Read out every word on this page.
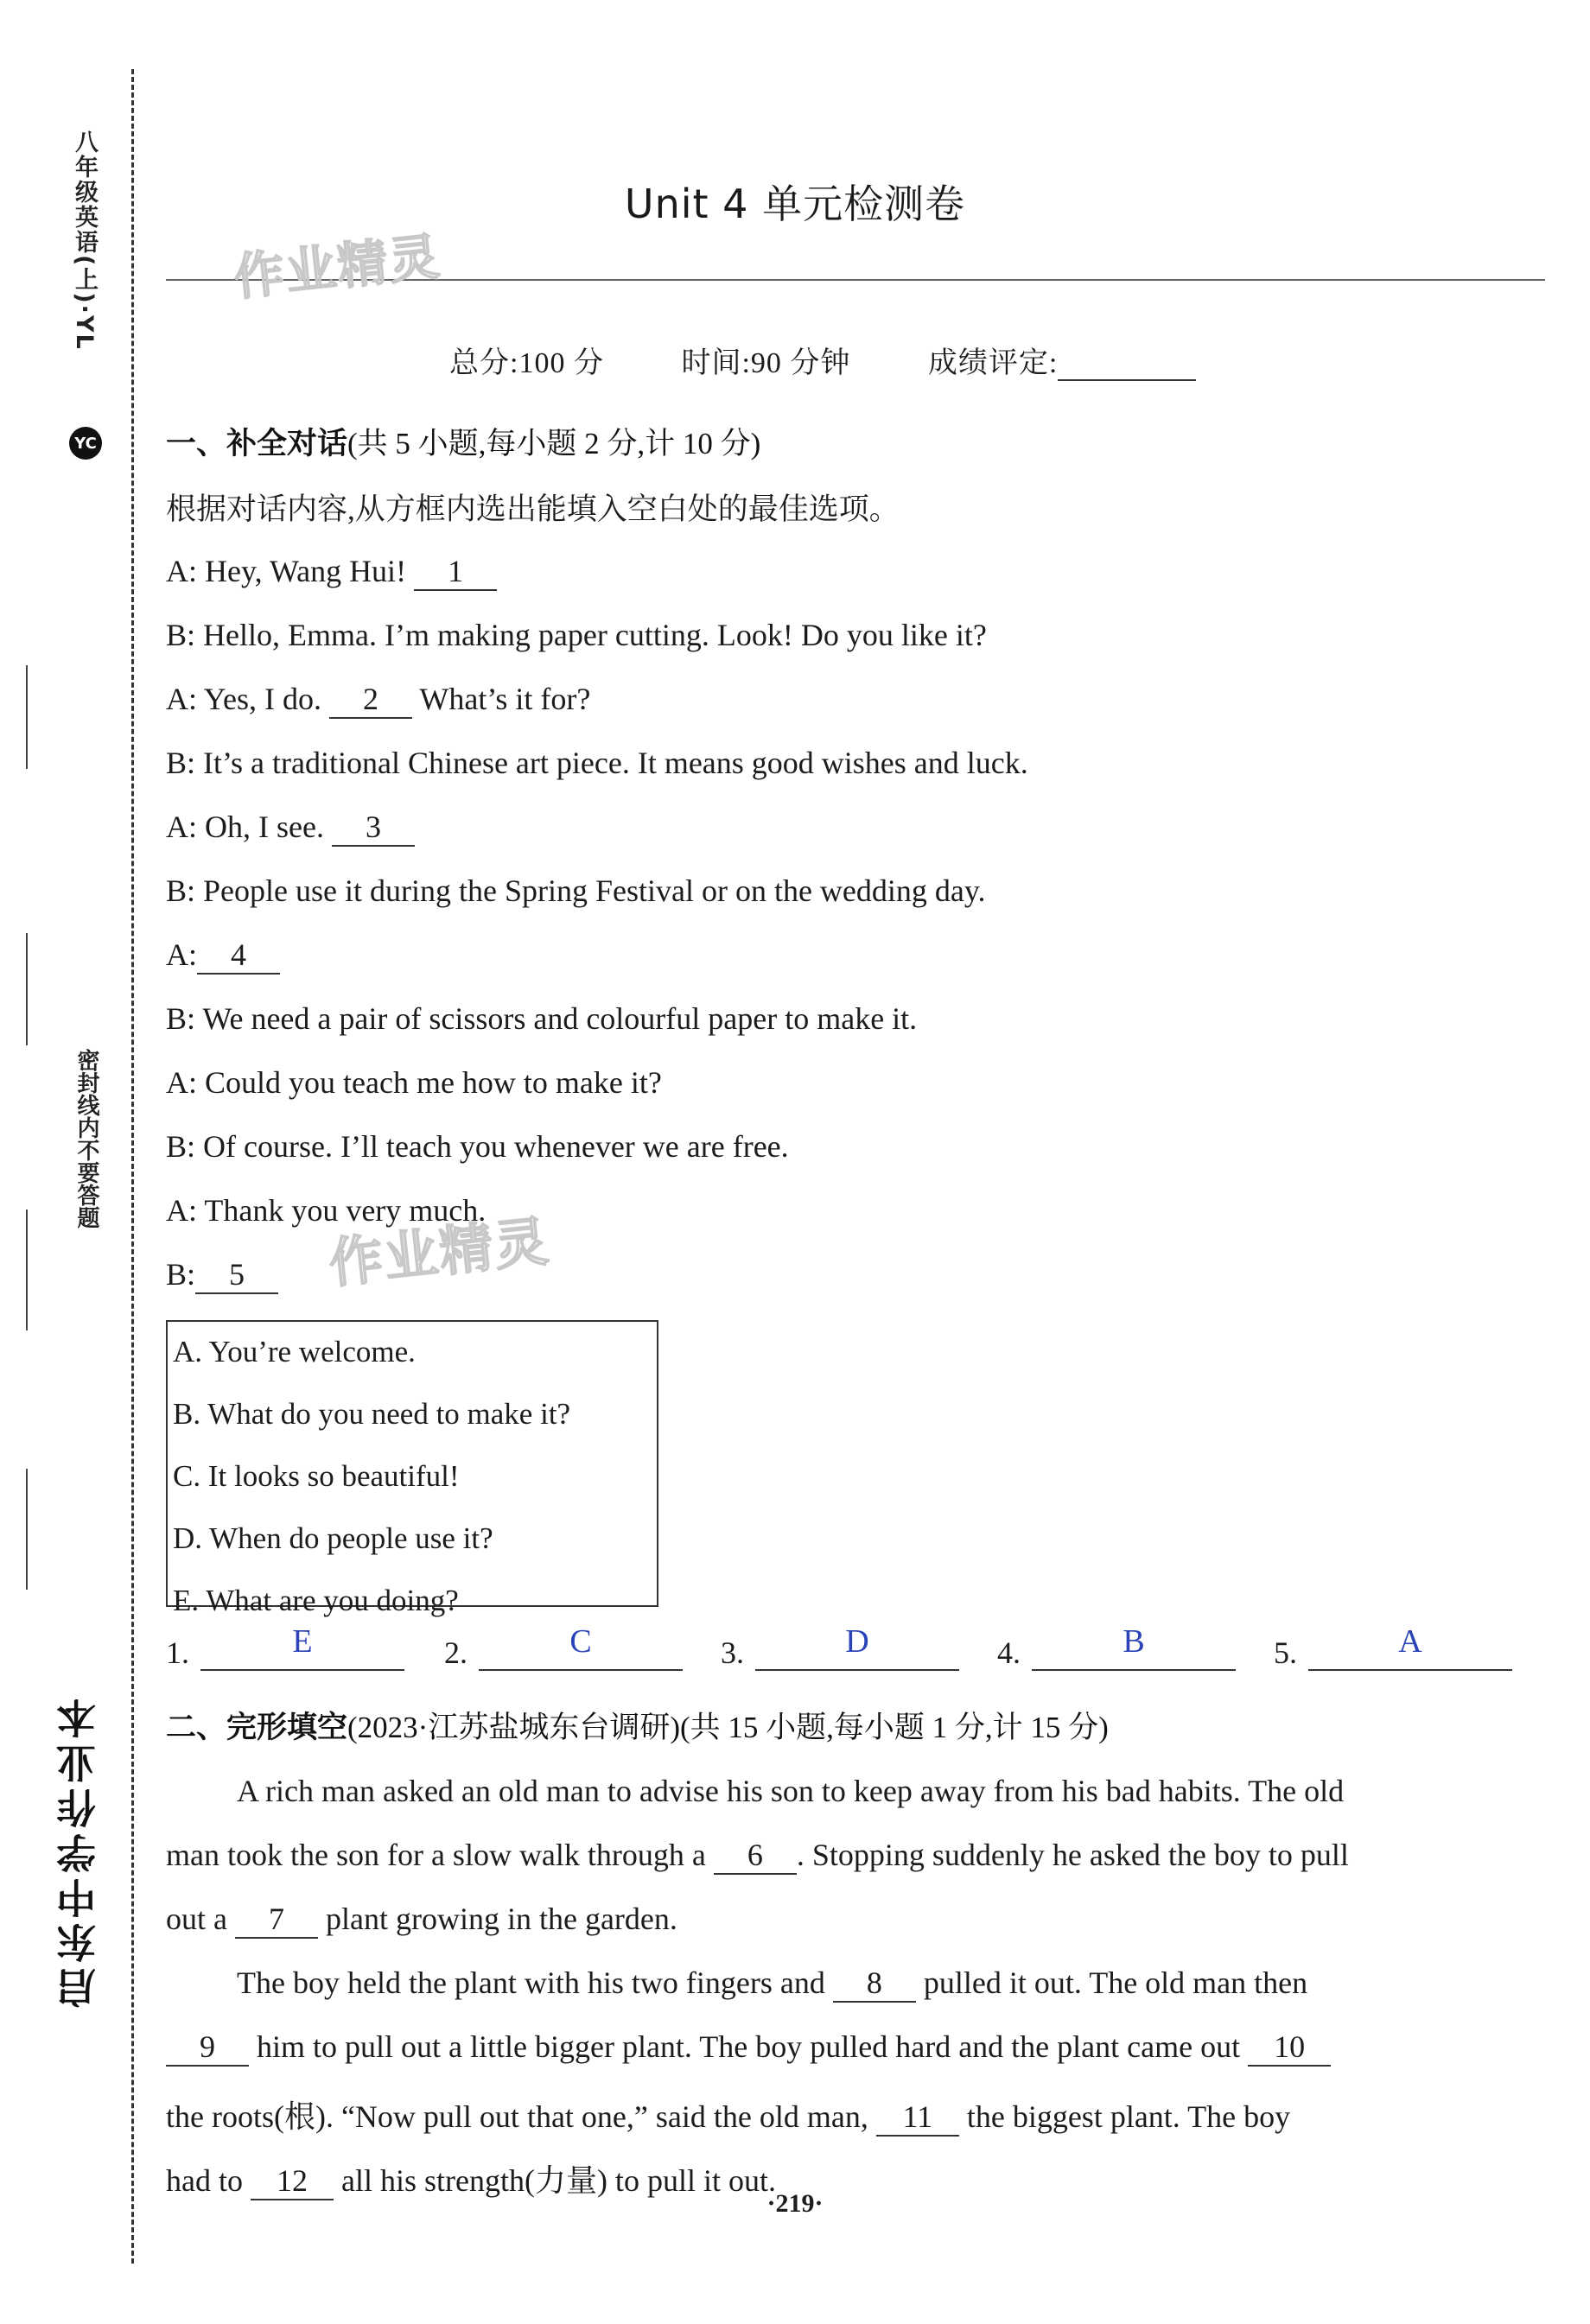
八年级英语(上)·YL
YC
密封线内不要答题
启东中学作业本
Unit 4 单元检测卷
作业精灵
总分:100 分	时间:90 分钟	成绩评定:
一、补全对话(共 5 小题,每小题 2 分,计 10 分)
根据对话内容,从方框内选出能填入空白处的最佳选项。
A: Hey, Wang Hui! 1
B: Hello, Emma. I’m making paper cutting. Look! Do you like it?
A: Yes, I do. 2 What’s it for?
B: It’s a traditional Chinese art piece. It means good wishes and luck.
A: Oh, I see. 3
B: People use it during the Spring Festival or on the wedding day.
A: 4
B: We need a pair of scissors and colourful paper to make it.
A: Could you teach me how to make it?
B: Of course. I’ll teach you whenever we are free.
A: Thank you very much.
B: 5	作业精灵
A. You’re welcome.
B. What do you need to make it?
C. It looks so beautiful!
D. When do people use it?
E. What are you doing?
1.	E	2.	C	3.	D	4.	B	5.	A
二、完形填空(2023·江苏盐城东台调研)(共 15 小题,每小题 1 分,计 15 分)
A rich man asked an old man to advise his son to keep away from his bad habits. The old
man took the son for a slow walk through a 6 . Stopping suddenly he asked the boy to pull
out a 7 plant growing in the garden.
The boy held the plant with his two fingers and 8 pulled it out. The old man then
9 him to pull out a little bigger plant. The boy pulled hard and the plant came out 10
the roots(根). “Now pull out that one,” said the old man, 11 the biggest plant. The boy
had to 12 all his strength(力量) to pull it out.
·219·
